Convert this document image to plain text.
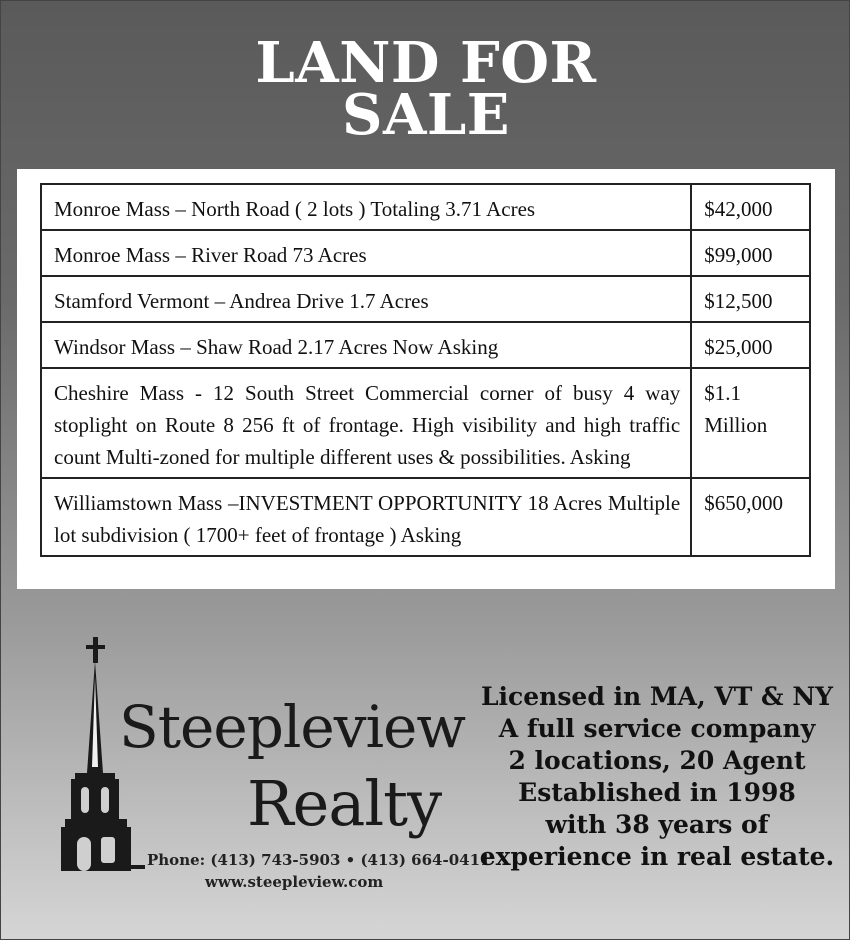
LAND FOR
SALE
Monroe Mass – North Road ( 2 lots ) Totaling 3.71 Acres	$42,000
Monroe Mass – River Road 73 Acres	$99,000
Stamford Vermont – Andrea Drive 1.7 Acres	$12,500
Windsor Mass – Shaw Road 2.17 Acres Now Asking	$25,000
Cheshire Mass - 12 South Street Commercial corner of busy 4 way stoplight on Route 8 256 ft of frontage. High visibility and high traffic count Multi-zoned for multiple different uses & possibilities. Asking	$1.1 Million
Williamstown Mass –INVESTMENT OPPORTUNITY 18 Acres Multiple lot subdivision ( 1700+ feet of frontage ) Asking	$650,000
Steepleview
Realty
Phone: (413) 743-5903 • (413) 664-0411
www.steepleview.com
Licensed in MA, VT & NY
A full service company
2 locations, 20 Agent
Established in 1998
with 38 years of
experience in real estate.
